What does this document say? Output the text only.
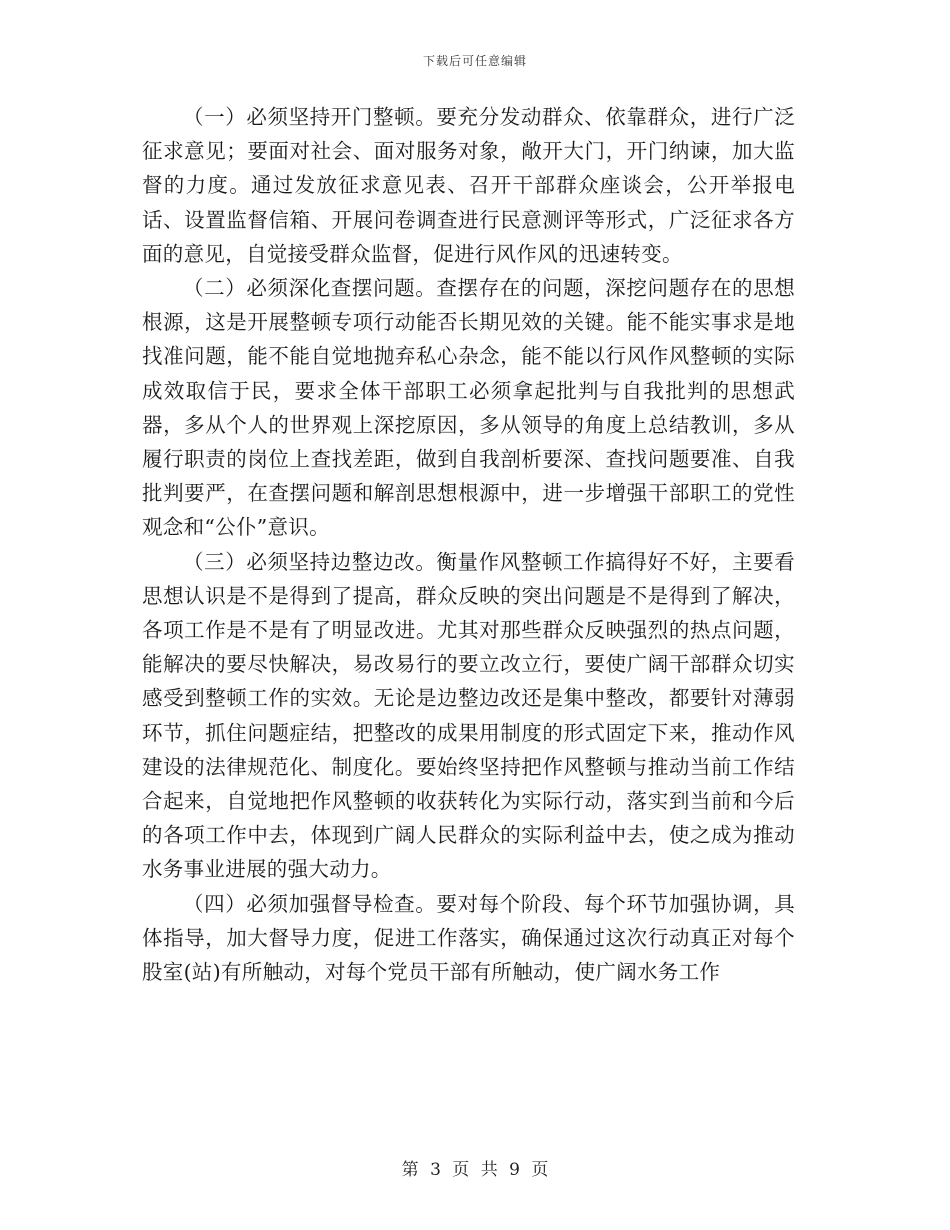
下载后可任意编辑

（一）必须坚持开门整顿。要充分发动群众、依靠群众，进行广泛征求意见；要面对社会、面对服务对象，敞开大门，开门纳谏，加大监督的力度。通过发放征求意见表、召开干部群众座谈会，公开举报电话、设置监督信箱、开展问卷调查进行民意测评等形式，广泛征求各方面的意见，自觉接受群众监督，促进行风作风的迅速转变。

（二）必须深化查摆问题。查摆存在的问题，深挖问题存在的思想根源，这是开展整顿专项行动能否长期见效的关键。能不能实事求是地找准问题，能不能自觉地抛弃私心杂念，能不能以行风作风整顿的实际成效取信于民，要求全体干部职工必须拿起批判与自我批判的思想武器，多从个人的世界观上深挖原因，多从领导的角度上总结教训，多从履行职责的岗位上查找差距，做到自我剖析要深、查找问题要准、自我批判要严，在查摆问题和解剖思想根源中，进一步增强干部职工的党性观念和“公仆”意识。

（三）必须坚持边整边改。衡量作风整顿工作搞得好不好，主要看思想认识是不是得到了提高，群众反映的突出问题是不是得到了解决，各项工作是不是有了明显改进。尤其对那些群众反映强烈的热点问题，能解决的要尽快解决，易改易行的要立改立行，要使广阔干部群众切实感受到整顿工作的实效。无论是边整边改还是集中整改，都要针对薄弱环节，抓住问题症结，把整改的成果用制度的形式固定下来，推动作风建设的法律规范化、制度化。要始终坚持把作风整顿与推动当前工作结合起来，自觉地把作风整顿的收获转化为实际行动，落实到当前和今后的各项工作中去，体现到广阔人民群众的实际利益中去，使之成为推动水务事业进展的强大动力。

（四）必须加强督导检查。要对每个阶段、每个环节加强协调，具体指导，加大督导力度，促进工作落实，确保通过这次行动真正对每个股室(站)有所触动，对每个党员干部有所触动，使广阔水务工作

第 3 页 共 9 页
